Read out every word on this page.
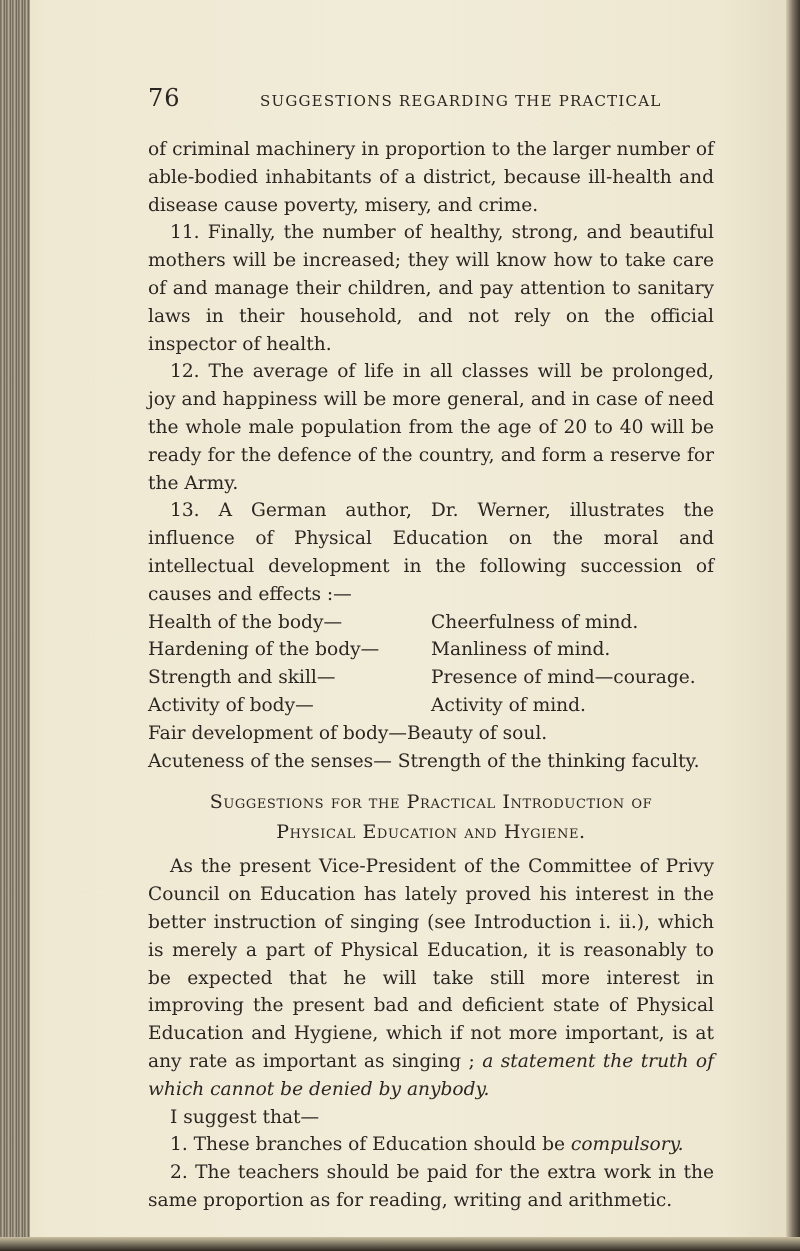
76	SUGGESTIONS REGARDING THE PRACTICAL

of criminal machinery in proportion to the larger number of able-bodied inhabitants of a district, because ill-health and disease cause poverty, misery, and crime.

11. Finally, the number of healthy, strong, and beautiful mothers will be increased; they will know how to take care of and manage their children, and pay attention to sanitary laws in their household, and not rely on the official inspector of health.

12. The average of life in all classes will be prolonged, joy and happiness will be more general, and in case of need the whole male population from the age of 20 to 40 will be ready for the defence of the country, and form a reserve for the Army.

13. A German author, Dr. Werner, illustrates the influence of Physical Education on the moral and intellectual development in the following succession of causes and effects :—

Health of the body—	Cheerfulness of mind.
Hardening of the body—	Manliness of mind.
Strength and skill—	Presence of mind—courage.
Activity of body—	Activity of mind.
Fair development of body—Beauty of soul.
Acuteness of the senses— Strength of the thinking faculty.
Suggestions for the Practical Introduction of
Physical Education and Hygiene.

As the present Vice-President of the Committee of Privy Council on Education has lately proved his interest in the better instruction of singing (see Introduction i. ii.), which is merely a part of Physical Education, it is reasonably to be expected that he will take still more interest in improving the present bad and deficient state of Physical Education and Hygiene, which if not more important, is at any rate as important as singing ; a statement the truth of which cannot be denied by anybody.

I suggest that—

1. These branches of Education should be compulsory.

2. The teachers should be paid for the extra work in the same proportion as for reading, writing and arithmetic.
